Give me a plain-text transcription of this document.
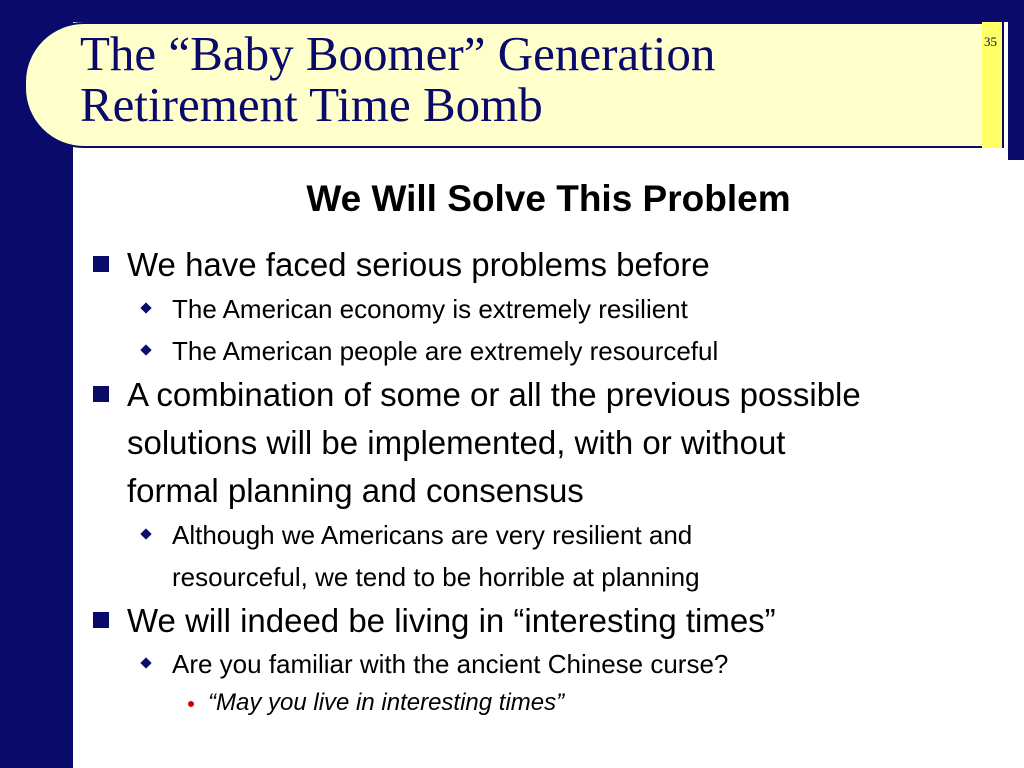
The “Baby Boomer” Generation
Retirement Time Bomb
35
We Will Solve This Problem
We have faced serious problems before
The American economy is extremely resilient
The American people are extremely resourceful
A combination of some or all the previous possible
solutions will be implemented, with or without
formal planning and consensus
Although we Americans are very resilient and
resourceful, we tend to be horrible at planning
We will indeed be living in “interesting times”
Are you familiar with the ancient Chinese curse?
“May you live in interesting times”
